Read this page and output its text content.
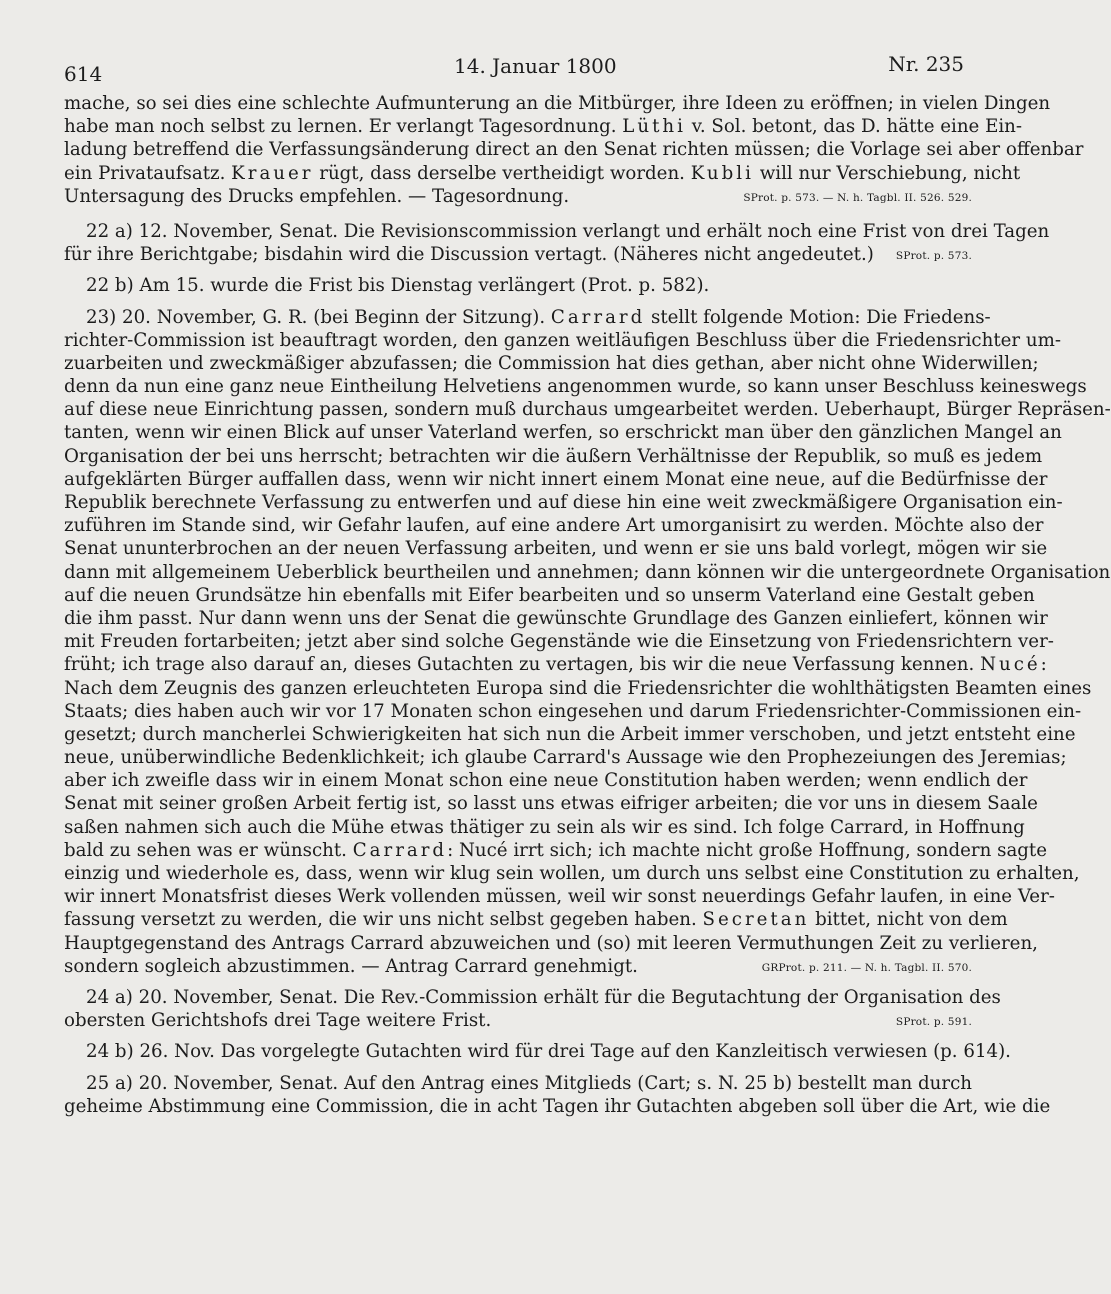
614	14. Januar 1800	Nr. 235
mache, so sei dies eine schlechte Aufmunterung an die Mitbürger, ihre Ideen zu eröffnen; in vielen Dingen
habe man noch selbst zu lernen. Er verlangt Tagesordnung. Lüthi v. Sol. betont, das D. hätte eine Ein-
ladung betreffend die Verfassungsänderung direct an den Senat richten müssen; die Vorlage sei aber offenbar
ein Privataufsatz. Krauer rügt, dass derselbe vertheidigt worden. Kubli will nur Verschiebung, nicht
Untersagung des Drucks empfehlen. — Tagesordnung.	SProt. p. 573. — N. h. Tagbl. II. 526. 529.
22 a) 12. November, Senat. Die Revisionscommission verlangt und erhält noch eine Frist von drei Tagen
für ihre Berichtgabe; bisdahin wird die Discussion vertagt. (Näheres nicht angedeutet.) SProt. p. 573.
22 b) Am 15. wurde die Frist bis Dienstag verlängert (Prot. p. 582).
23) 20. November, G. R. (bei Beginn der Sitzung). Carrard stellt folgende Motion: Die Friedens-
richter-Commission ist beauftragt worden, den ganzen weitläufigen Beschluss über die Friedensrichter um-
zuarbeiten und zweckmäßiger abzufassen; die Commission hat dies gethan, aber nicht ohne Widerwillen;
denn da nun eine ganz neue Eintheilung Helvetiens angenommen wurde, so kann unser Beschluss keineswegs
auf diese neue Einrichtung passen, sondern muß durchaus umgearbeitet werden. Ueberhaupt, Bürger Repräsen-
tanten, wenn wir einen Blick auf unser Vaterland werfen, so erschrickt man über den gänzlichen Mangel an
Organisation der bei uns herrscht; betrachten wir die äußern Verhältnisse der Republik, so muß es jedem
aufgeklärten Bürger auffallen dass, wenn wir nicht innert einem Monat eine neue, auf die Bedürfnisse der
Republik berechnete Verfassung zu entwerfen und auf diese hin eine weit zweckmäßigere Organisation ein-
zuführen im Stande sind, wir Gefahr laufen, auf eine andere Art umorganisirt zu werden. Möchte also der
Senat ununterbrochen an der neuen Verfassung arbeiten, und wenn er sie uns bald vorlegt, mögen wir sie
dann mit allgemeinem Ueberblick beurtheilen und annehmen; dann können wir die untergeordnete Organisation
auf die neuen Grundsätze hin ebenfalls mit Eifer bearbeiten und so unserm Vaterland eine Gestalt geben
die ihm passt. Nur dann wenn uns der Senat die gewünschte Grundlage des Ganzen einliefert, können wir
mit Freuden fortarbeiten; jetzt aber sind solche Gegenstände wie die Einsetzung von Friedensrichtern ver-
früht; ich trage also darauf an, dieses Gutachten zu vertagen, bis wir die neue Verfassung kennen. Nucé:
Nach dem Zeugnis des ganzen erleuchteten Europa sind die Friedensrichter die wohlthätigsten Beamten eines
Staats; dies haben auch wir vor 17 Monaten schon eingesehen und darum Friedensrichter-Commissionen ein-
gesetzt; durch mancherlei Schwierigkeiten hat sich nun die Arbeit immer verschoben, und jetzt entsteht eine
neue, unüberwindliche Bedenklichkeit; ich glaube Carrard's Aussage wie den Prophezeiungen des Jeremias;
aber ich zweifle dass wir in einem Monat schon eine neue Constitution haben werden; wenn endlich der
Senat mit seiner großen Arbeit fertig ist, so lasst uns etwas eifriger arbeiten; die vor uns in diesem Saale
saßen nahmen sich auch die Mühe etwas thätiger zu sein als wir es sind. Ich folge Carrard, in Hoffnung
bald zu sehen was er wünscht. Carrard: Nucé irrt sich; ich machte nicht große Hoffnung, sondern sagte
einzig und wiederhole es, dass, wenn wir klug sein wollen, um durch uns selbst eine Constitution zu erhalten,
wir innert Monatsfrist dieses Werk vollenden müssen, weil wir sonst neuerdings Gefahr laufen, in eine Ver-
fassung versetzt zu werden, die wir uns nicht selbst gegeben haben. Secretan bittet, nicht von dem
Hauptgegenstand des Antrags Carrard abzuweichen und (so) mit leeren Vermuthungen Zeit zu verlieren,
sondern sogleich abzustimmen. — Antrag Carrard genehmigt.	GRProt. p. 211. — N. h. Tagbl. II. 570.
24 a) 20. November, Senat. Die Rev.-Commission erhält für die Begutachtung der Organisation des
obersten Gerichtshofs drei Tage weitere Frist.	SProt. p. 591.
24 b) 26. Nov. Das vorgelegte Gutachten wird für drei Tage auf den Kanzleitisch verwiesen (p. 614).
25 a) 20. November, Senat. Auf den Antrag eines Mitglieds (Cart; s. N. 25 b) bestellt man durch
geheime Abstimmung eine Commission, die in acht Tagen ihr Gutachten abgeben soll über die Art, wie die
